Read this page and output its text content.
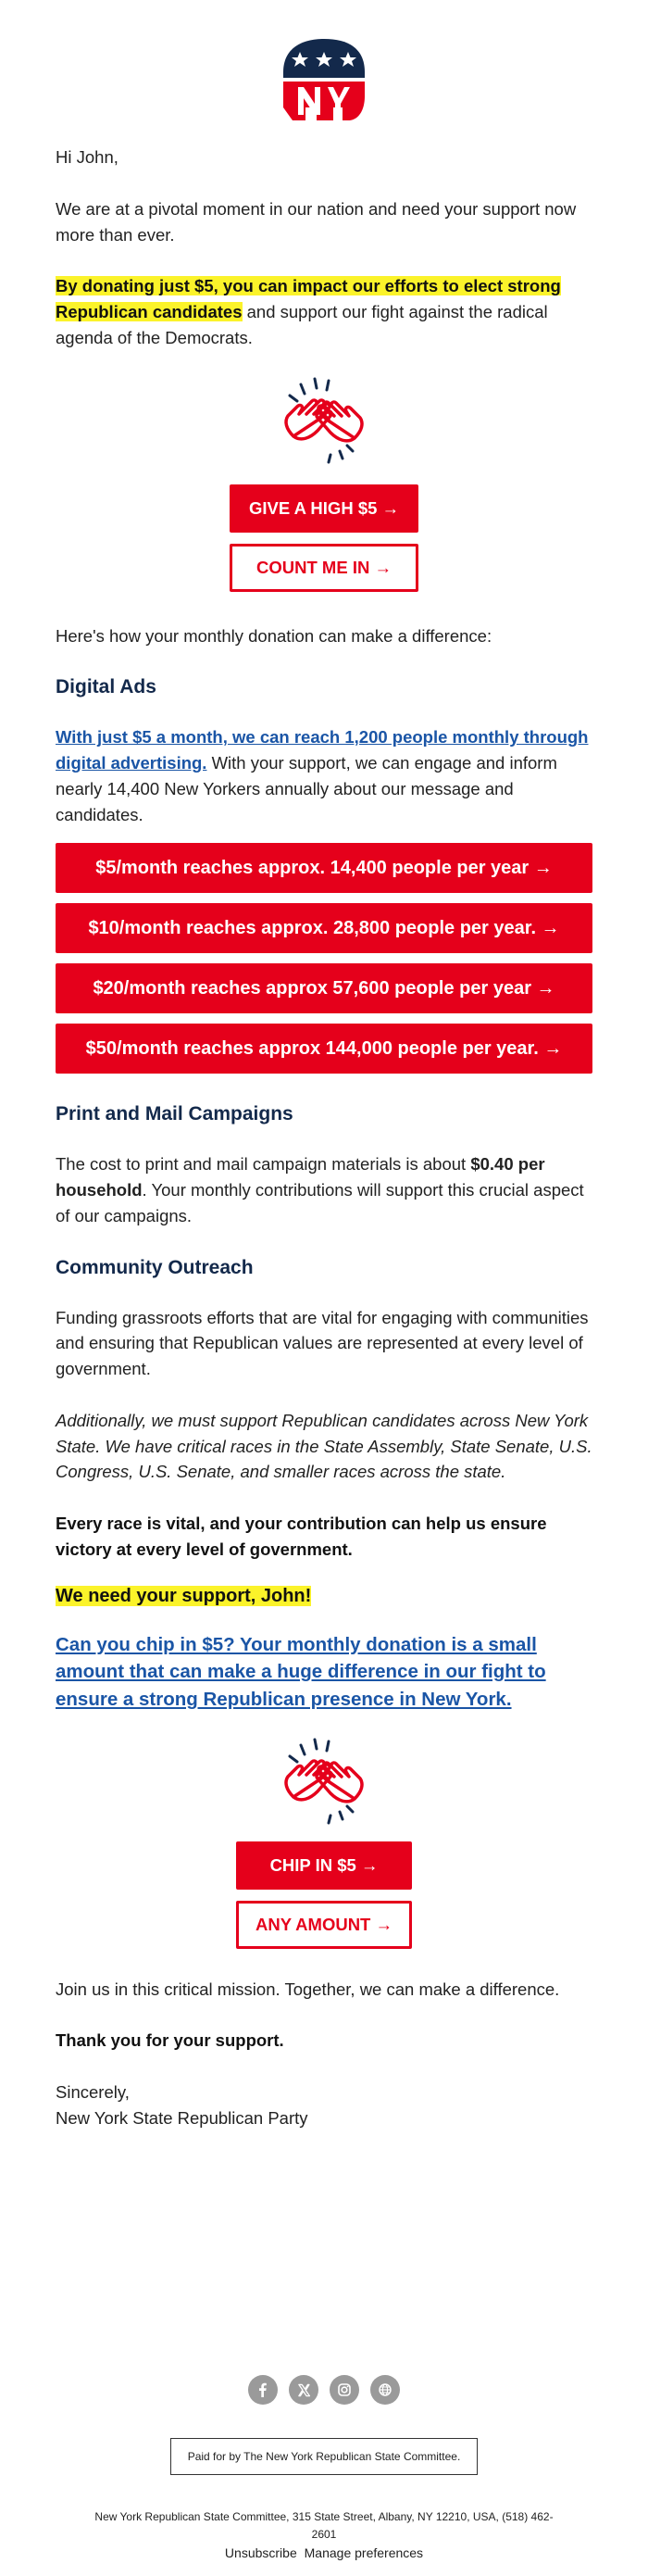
Hi John,

We are at a pivotal moment in our nation and need your support now more than ever.

By donating just $5, you can impact our efforts to elect strong Republican candidates and support our fight against the radical agenda of the Democrats.

GIVE A HIGH $5 →
COUNT ME IN →

Here's how your monthly donation can make a difference:

Digital Ads

With just $5 a month, we can reach 1,200 people monthly through digital advertising. With your support, we can engage and inform nearly 14,400 New Yorkers annually about our message and candidates.

$5/month reaches approx. 14,400 people per year →
$10/month reaches approx. 28,800 people per year. →
$20/month reaches approx 57,600 people per year →
$50/month reaches approx 144,000 people per year. →
Print and Mail Campaigns

The cost to print and mail campaign materials is about $0.40 per household. Your monthly contributions will support this crucial aspect of our campaigns.

Community Outreach

Funding grassroots efforts that are vital for engaging with communities and ensuring that Republican values are represented at every level of government.

Additionally, we must support Republican candidates across New York State. We have critical races in the State Assembly, State Senate, U.S. Congress, U.S. Senate, and smaller races across the state.

Every race is vital, and your contribution can help us ensure victory at every level of government.

We need your support, John!

Can you chip in $5? Your monthly donation is a small amount that can make a huge difference in our fight to ensure a strong Republican presence in New York.

CHIP IN $5 →
ANY AMOUNT →

Join us in this critical mission. Together, we can make a difference.

Thank you for your support.

Sincerely,
New York State Republican Party

Paid for by The New York Republican State Committee.
New York Republican State Committee, 315 State Street, Albany, NY 12210, USA, (518) 462-
2601
Unsubscribe Manage preferences
